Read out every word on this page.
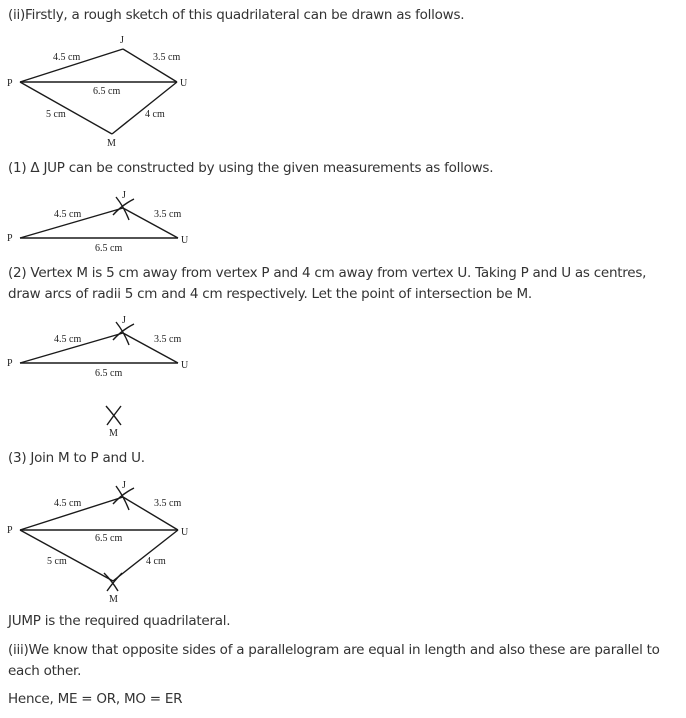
(ii)Firstly, a rough sketch of this quadrilateral can be drawn as follows.

J
P	U
M
4.5 cm	3.5 cm
6.5 cm
5 cm	4 cm

(1) Δ JUP can be constructed by using the given measurements as follows.

J
P	U
4.5 cm	3.5 cm
6.5 cm

(2) Vertex M is 5 cm away from vertex P and 4 cm away from vertex U. Taking P and U as centres, draw arcs of radii 5 cm and 4 cm respectively. Let the point of intersection be M.

J
P	U
M
4.5 cm	3.5 cm
6.5 cm

(3) Join M to P and U.

J
P	U
M
4.5 cm	3.5 cm
6.5 cm
5 cm	4 cm

JUMP is the required quadrilateral.

(iii)We know that opposite sides of a parallelogram are equal in length and also these are parallel to each other.

Hence, ME = OR, MO = ER
